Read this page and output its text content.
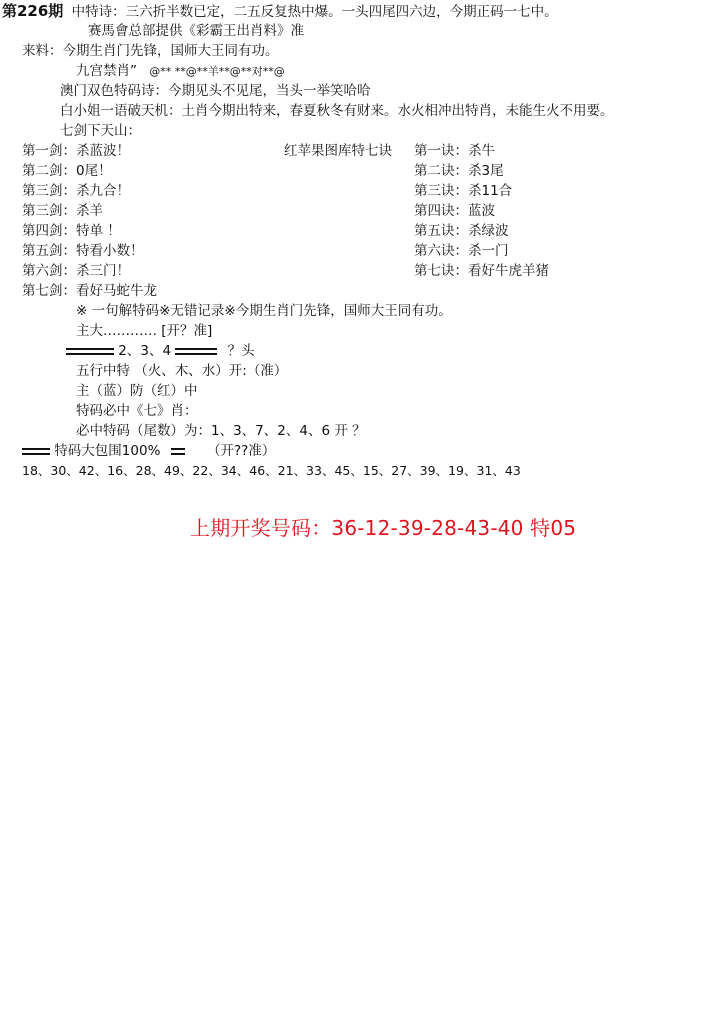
第226期 中特诗：三六折半数已定，二五反复热中爆。一头四尾四六边，今期正码一七中。
赛馬會总部提供《彩霸王出肖料》准
来料：今期生肖门先锋，国师大王同有功。
九宫禁肖” @** **@**羊**@**对**@
澳门双色特码诗：今期见头不见尾，当头一举笑哈哈
白小姐一语破天机：土肖今期出特来，春夏秋冬有财来。水火相冲出特肖，未能生火不用要。
七剑下天山：
第一剑：杀蓝波！
第二剑：0尾！
第三剑：杀九合！
第三剑：杀羊
第四剑：特单 ！
第五剑：特看小数！
第六剑：杀三门！
第七剑：看好马蛇牛龙
红苹果图库特七诀 第一诀：杀牛
第二诀：杀3尾
第三诀：杀11合
第四诀：蓝波
第五诀：杀绿波
第六诀：杀一门
第七诀：看好牛虎羊猪
※ 一句解特码※无错记录※今期生肖门先锋，国师大王同有功。
主大………… [开？准]
2、3、4	？头
五行中特 （火、木、水）开:（准）
主（蓝）防（红）中
特码必中《七》肖：
必中特码（尾数）为：1、3、7、2、4、6 开 ？
特码大包围100%	（开??准）
18、30、42、16、28、49、22、34、46、21、33、45、15、27、39、19、31、43
上期开奖号码：36-12-39-28-43-40 特05
